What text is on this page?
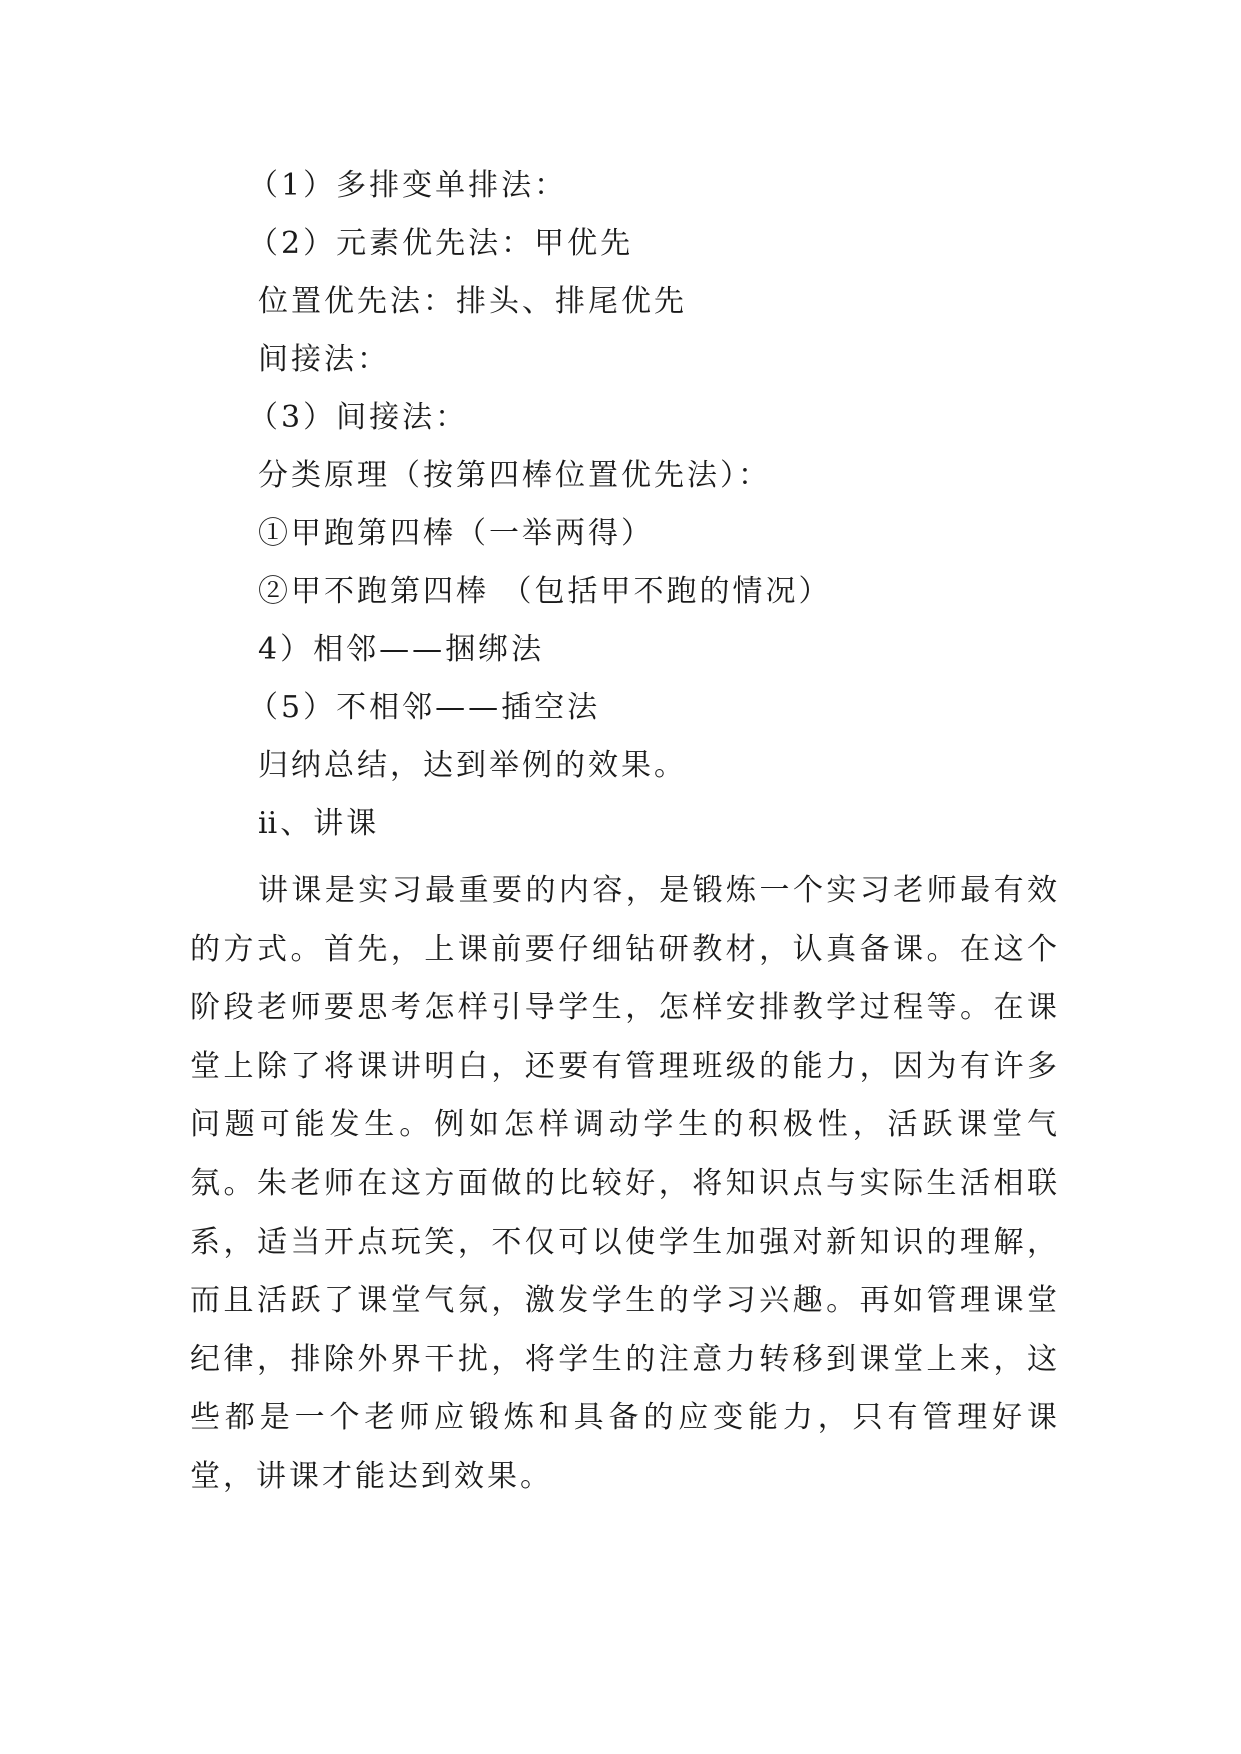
（1）多排变单排法：
（2）元素优先法：甲优先
位置优先法：排头、排尾优先
间接法：
（3）间接法：
分类原理（按第四棒位置优先法）：
①甲跑第四棒（一举两得）
②甲不跑第四棒 （包括甲不跑的情况）
4）相邻——捆绑法
（5）不相邻——插空法
归纳总结，达到举例的效果。
ⅱ、讲课

讲课是实习最重要的内容，是锻炼一个实习老师最有效的方式。首先，上课前要仔细钻研教材，认真备课。在这个阶段老师要思考怎样引导学生，怎样安排教学过程等。在课堂上除了将课讲明白，还要有管理班级的能力，因为有许多问题可能发生。例如怎样调动学生的积极性，活跃课堂气氛。朱老师在这方面做的比较好，将知识点与实际生活相联系，适当开点玩笑，不仅可以使学生加强对新知识的理解，而且活跃了课堂气氛，激发学生的学习兴趣。再如管理课堂纪律，排除外界干扰，将学生的注意力转移到课堂上来，这些都是一个老师应锻炼和具备的应变能力，只有管理好课堂，讲课才能达到效果。
